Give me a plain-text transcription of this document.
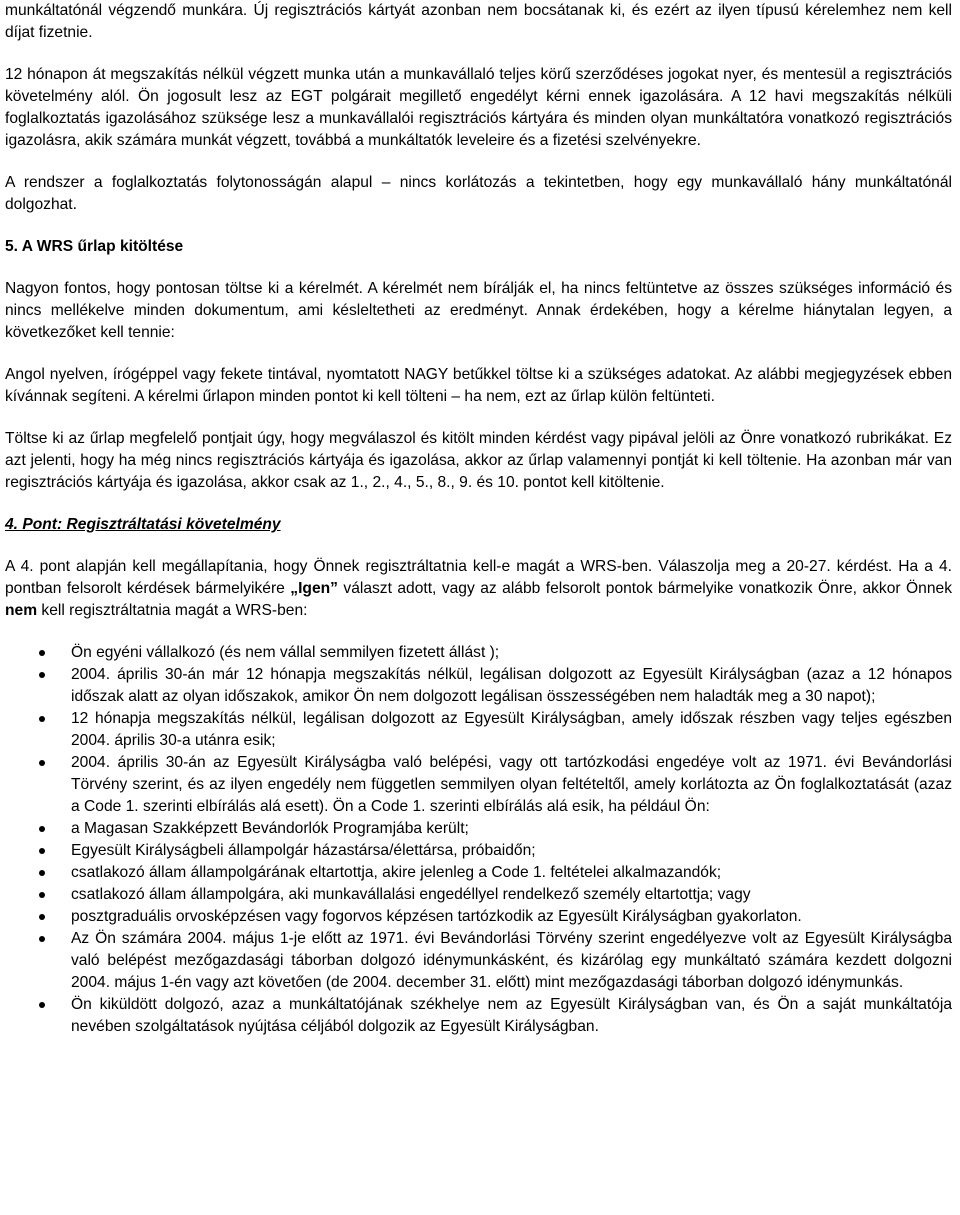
munkáltatónál végzendő munkára. Új regisztrációs kártyát azonban nem bocsátanak ki, és ezért az ilyen típusú kérelemhez nem kell díjat fizetnie.

12 hónapon át megszakítás nélkül végzett munka után a munkavállaló teljes körű szerződéses jogokat nyer, és mentesül a regisztrációs követelmény alól. Ön jogosult lesz az EGT polgárait megillető engedélyt kérni ennek igazolására. A 12 havi megszakítás nélküli foglalkoztatás igazolásához szüksége lesz a munkavállalói regisztrációs kártyára és minden olyan munkáltatóra vonatkozó regisztrációs igazolásra, akik számára munkát végzett, továbbá a munkáltatók leveleire és a fizetési szelvényekre.

A rendszer a foglalkoztatás folytonosságán alapul – nincs korlátozás a tekintetben, hogy egy munkavállaló hány munkáltatónál dolgozhat.

5. A WRS űrlap kitöltése

Nagyon fontos, hogy pontosan töltse ki a kérelmét. A kérelmét nem bírálják el, ha nincs feltüntetve az összes szükséges információ és nincs mellékelve minden dokumentum, ami késleltetheti az eredményt. Annak érdekében, hogy a kérelme hiánytalan legyen, a következőket kell tennie:

Angol nyelven, írógéppel vagy fekete tintával, nyomtatott NAGY betűkkel töltse ki a szükséges adatokat. Az alábbi megjegyzések ebben kívánnak segíteni. A kérelmi űrlapon minden pontot ki kell tölteni – ha nem, ezt az űrlap külön feltünteti.

Töltse ki az űrlap megfelelő pontjait úgy, hogy megválaszol és kitölt minden kérdést vagy pipával jelöli az Önre vonatkozó rubrikákat. Ez azt jelenti, hogy ha még nincs regisztrációs kártyája és igazolása, akkor az űrlap valamennyi pontját ki kell töltenie. Ha azonban már van regisztrációs kártyája és igazolása, akkor csak az 1., 2., 4., 5., 8., 9. és 10. pontot kell kitöltenie.

4. Pont: Regisztráltatási követelmény

A 4. pont alapján kell megállapítania, hogy Önnek regisztráltatnia kell-e magát a WRS-ben. Válaszolja meg a 20-27. kérdést. Ha a 4. pontban felsorolt kérdések bármelyikére „Igen” választ adott, vagy az alább felsorolt pontok bármelyike vonatkozik Önre, akkor Önnek nem kell regisztráltatnia magát a WRS-ben:

Ön egyéni vállalkozó (és nem vállal semmilyen fizetett állást );
2004. április 30-án már 12 hónapja megszakítás nélkül, legálisan dolgozott az Egyesült Királyságban (azaz a 12 hónapos időszak alatt az olyan időszakok, amikor Ön nem dolgozott legálisan összességében nem haladták meg a 30 napot);
12 hónapja megszakítás nélkül, legálisan dolgozott az Egyesült Királyságban, amely időszak részben vagy teljes egészben 2004. április 30-a utánra esik;
2004. április 30-án az Egyesült Királyságba való belépési, vagy ott tartózkodási engedéye volt az 1971. évi Bevándorlási Törvény szerint, és az ilyen engedély nem független semmilyen olyan feltételtől, amely korlátozta az Ön foglalkoztatását (azaz a Code 1. szerinti elbírálás alá esett). Ön a Code 1. szerinti elbírálás alá esik, ha például Ön:
a Magasan Szakképzett Bevándorlók Programjába került;
Egyesült Királyságbeli állampolgár házastársa/élettársa, próbaidőn;
csatlakozó állam állampolgárának eltartottja, akire jelenleg a Code 1. feltételei alkalmazandók;
csatlakozó állam állampolgára, aki munkavállalási engedéllyel rendelkező személy eltartottja; vagy
posztgraduális orvosképzésen vagy fogorvos képzésen tartózkodik az Egyesült Királyságban gyakorlaton.
Az Ön számára 2004. május 1-je előtt az 1971. évi Bevándorlási Törvény szerint engedélyezve volt az Egyesült Királyságba való belépést mezőgazdasági táborban dolgozó idénymunkásként, és kizárólag egy munkáltató számára kezdett dolgozni 2004. május 1-én vagy azt követően (de 2004. december 31. előtt) mint mezőgazdasági táborban dolgozó idénymunkás.
Ön kiküldött dolgozó, azaz a munkáltatójának székhelye nem az Egyesült Királyságban van, és Ön a saját munkáltatója nevében szolgáltatások nyújtása céljából dolgozik az Egyesült Királyságban.
